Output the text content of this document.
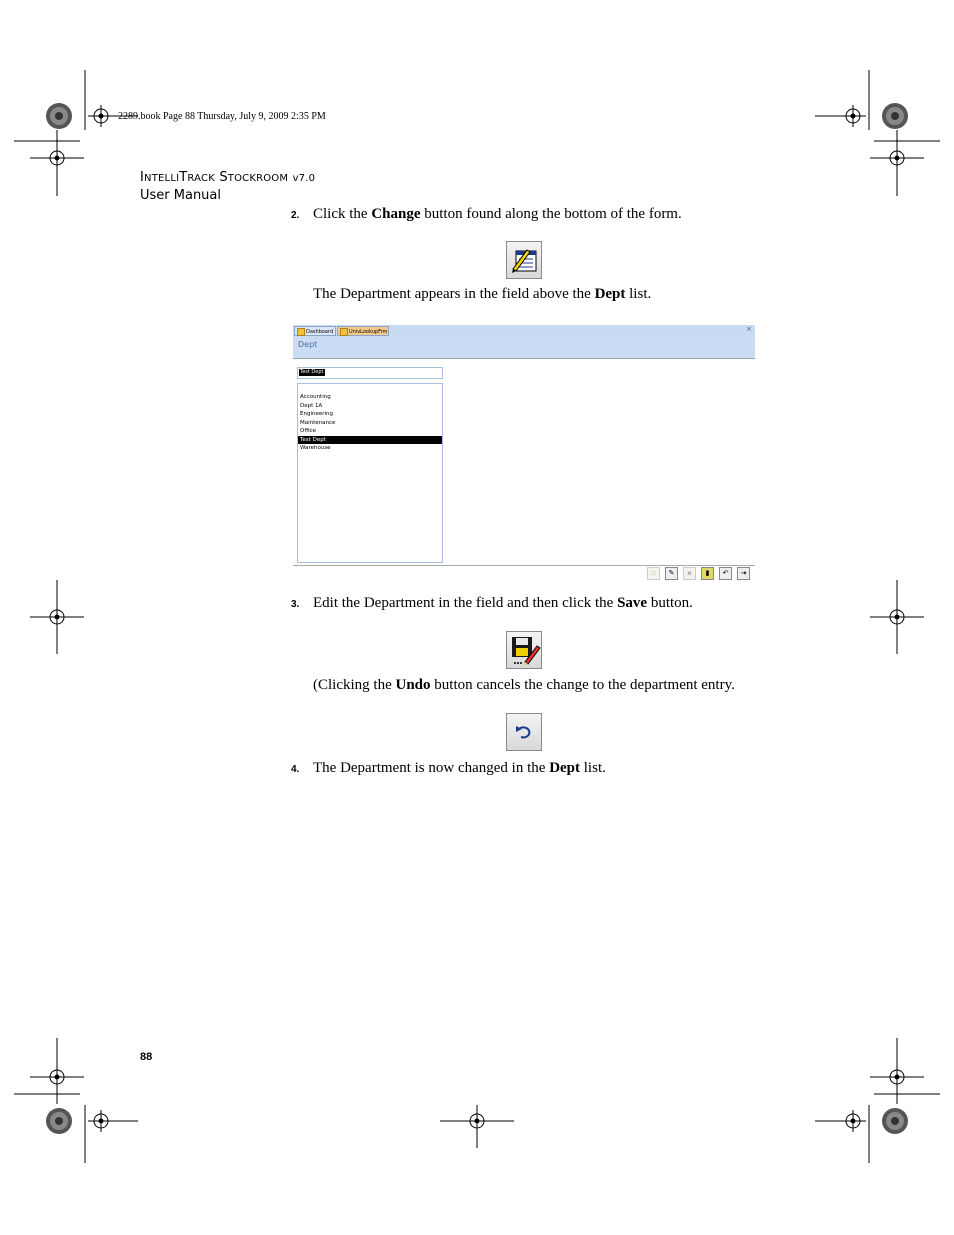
2289.book Page 88 Thursday, July 9, 2009 2:35 PM
INTELLITRACK STOCKROOM v7.0
User Manual
2. Click the Change button found along the bottom of the form.
The Department appears in the field above the Dept list.
Dashboard	UnivLookupFrm	×
Dept
Test Dept
Accounting
Dept 1A
Engineering
Maintenance
Office
Test Dept
Warehouse
▫	✎	▪	▮	↶	⇥
3. Edit the Department in the field and then click the Save button.
(Clicking the Undo button cancels the change to the department entry.
4. The Department is now changed in the Dept list.
88
